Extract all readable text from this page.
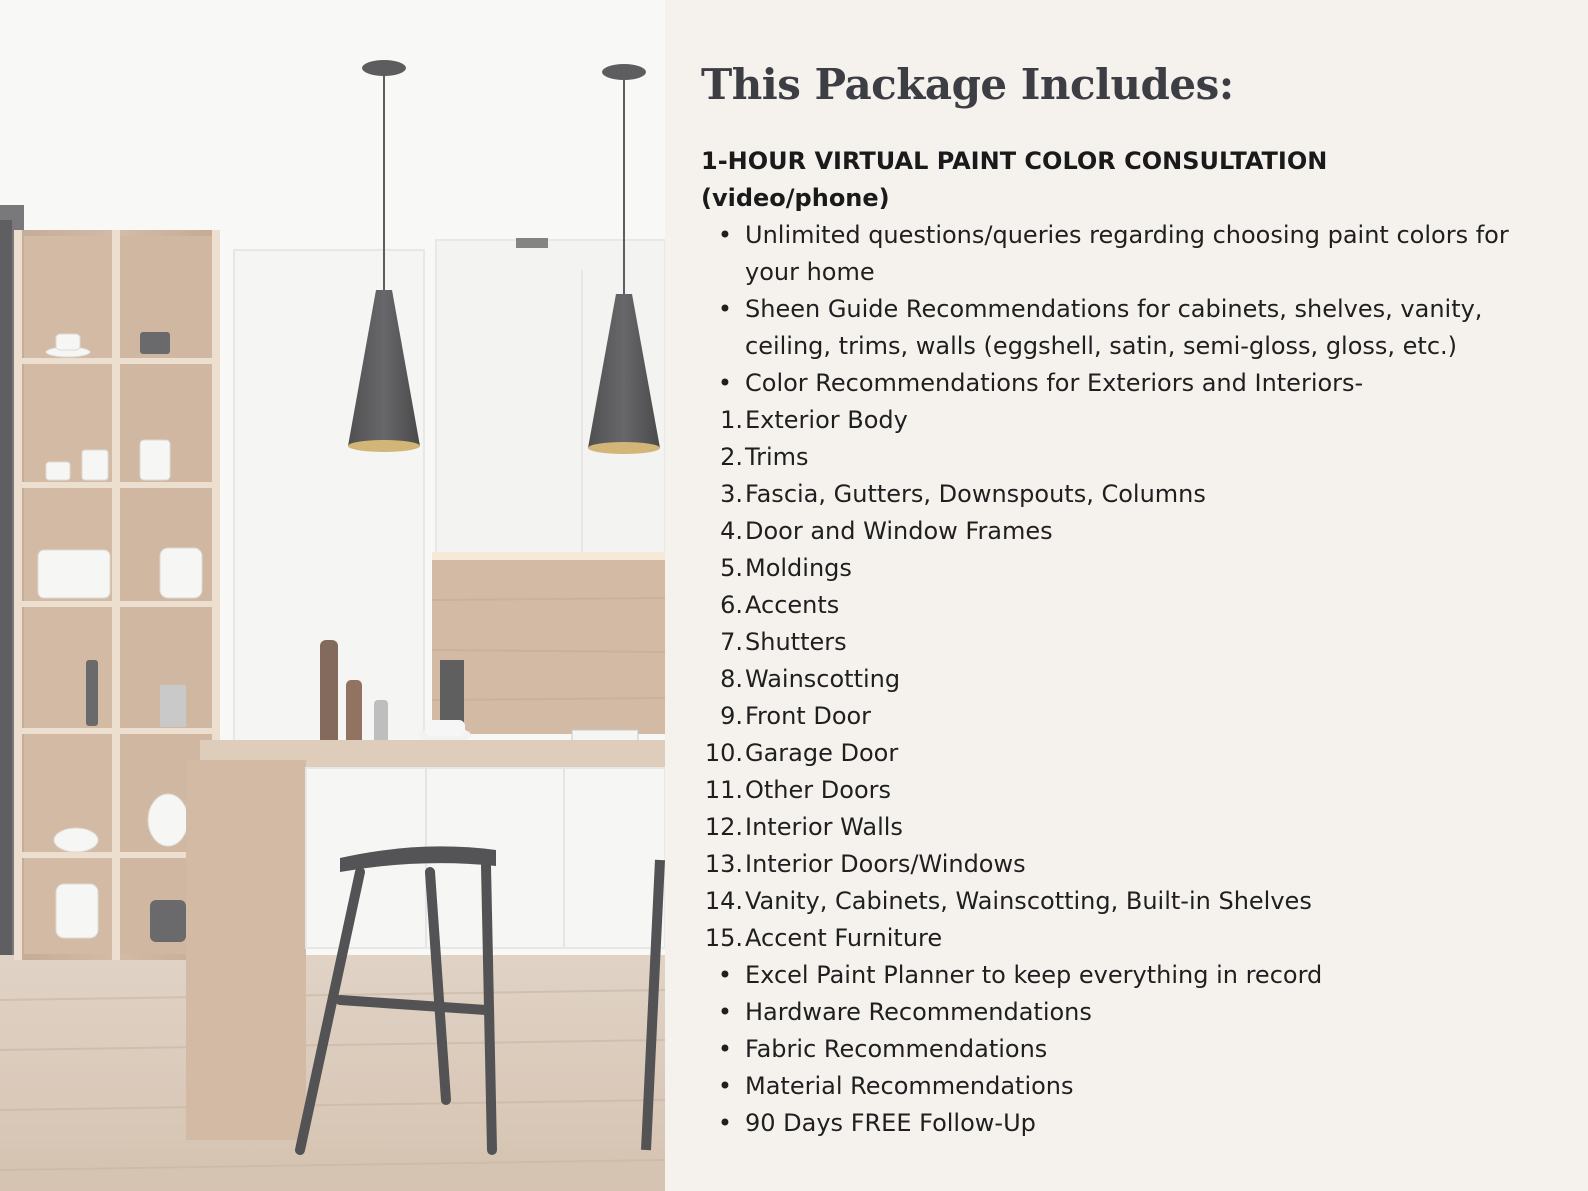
This Package Includes:

1-HOUR VIRTUAL PAINT COLOR CONSULTATION (video/phone)

• Unlimited questions/queries regarding choosing paint colors for your home
• Sheen Guide Recommendations for cabinets, shelves, vanity, ceiling, trims, walls (eggshell, satin, semi-gloss, gloss, etc.)
• Color Recommendations for Exteriors and Interiors-
1. Exterior Body
2. Trims
3. Fascia, Gutters, Downspouts, Columns
4. Door and Window Frames
5. Moldings
6. Accents
7. Shutters
8. Wainscotting
9. Front Door
10. Garage Door
11. Other Doors
12. Interior Walls
13. Interior Doors/Windows
14. Vanity, Cabinets, Wainscotting, Built-in Shelves
15. Accent Furniture
• Excel Paint Planner to keep everything in record
• Hardware Recommendations
• Fabric Recommendations
• Material Recommendations
• 90 Days FREE Follow-Up
